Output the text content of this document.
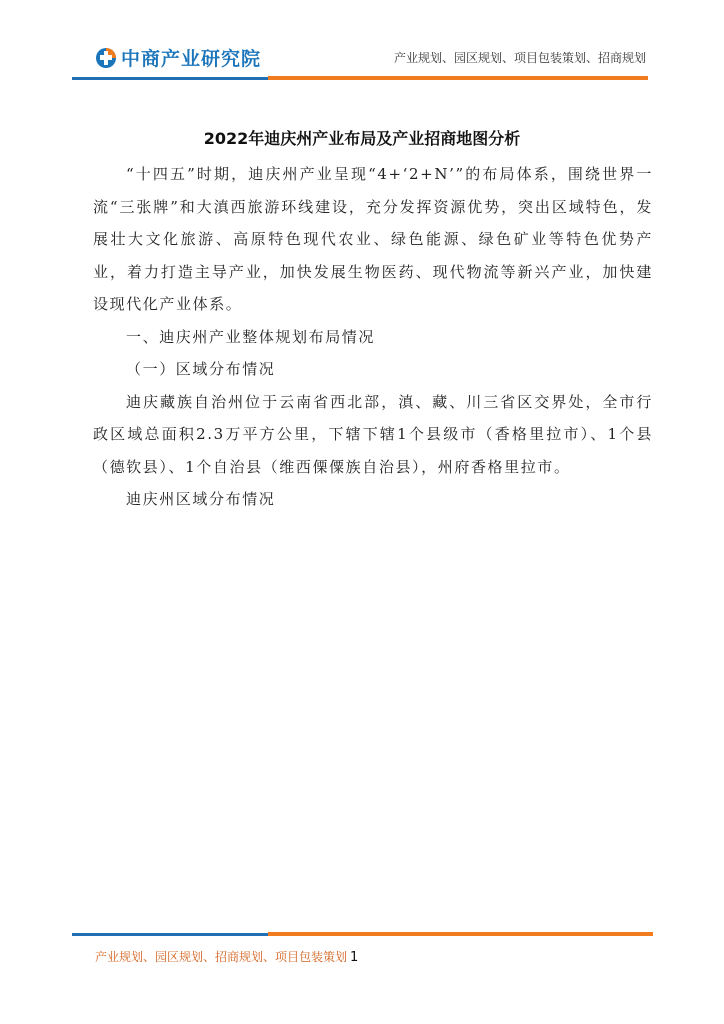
中商产业研究院	产业规划、园区规划、项目包装策划、招商规划
2022年迪庆州产业布局及产业招商地图分析

“十四五”时期，迪庆州产业呈现“4+‘2+N’”的布局体系，围绕世界一流“三张牌”和大滇西旅游环线建设，充分发挥资源优势，突出区域特色，发展壮大文化旅游、高原特色现代农业、绿色能源、绿色矿业等特色优势产业，着力打造主导产业，加快发展生物医药、现代物流等新兴产业，加快建设现代化产业体系。

一、迪庆州产业整体规划布局情况

（一）区域分布情况

迪庆藏族自治州位于云南省西北部，滇、藏、川三省区交界处，全市行政区域总面积2.3万平方公里，下辖下辖1个县级市（香格里拉市）、1个县（德钦县）、1个自治县（维西傈僳族自治县），州府香格里拉市。

迪庆州区域分布情况

产业规划、园区规划、招商规划、项目包装策划 1
